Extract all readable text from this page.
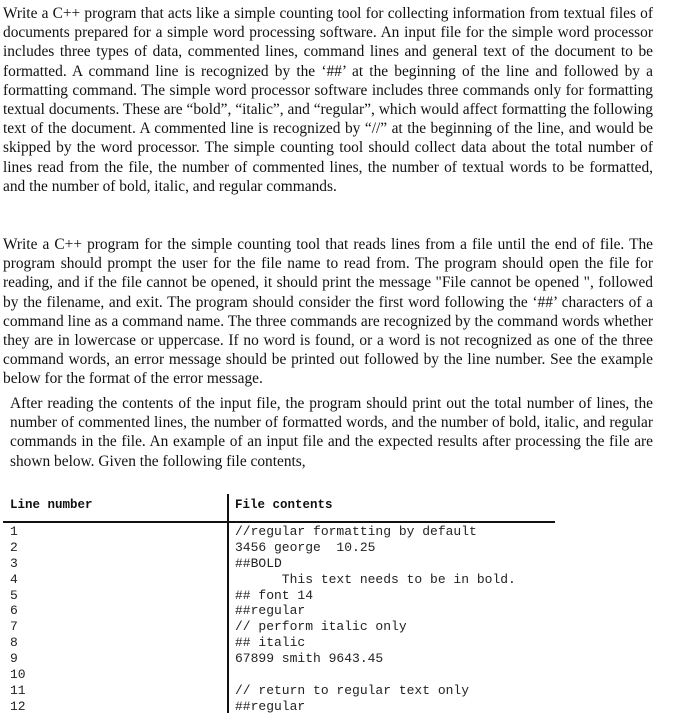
Write a C++ program that acts like a simple counting tool for collecting information from textual files of documents prepared for a simple word processing software. An input file for the simple word processor includes three types of data, commented lines, command lines and general text of the document to be formatted. A command line is recognized by the ‘##’ at the beginning of the line and followed by a formatting command. The simple word processor software includes three commands only for formatting textual documents. These are “bold”, “italic”, and “regular”, which would affect formatting the following text of the document. A commented line is recognized by “//” at the beginning of the line, and would be skipped by the word processor. The simple counting tool should collect data about the total number of lines read from the file, the number of commented lines, the number of textual words to be formatted, and the number of bold, italic, and regular commands.

Write a C++ program for the simple counting tool that reads lines from a file until the end of file. The program should prompt the user for the file name to read from. The program should open the file for reading, and if the file cannot be opened, it should print the message "File cannot be opened ", followed by the filename, and exit. The program should consider the first word following the ‘##’ characters of a command line as a command name. The three commands are recognized by the command words whether they are in lowercase or uppercase. If no word is found, or a word is not recognized as one of the three command words, an error message should be printed out followed by the line number. See the example below for the format of the error message.

After reading the contents of the input file, the program should print out the total number of lines, the number of commented lines, the number of formatted words, and the number of bold, italic, and regular commands in the file. An example of an input file and the expected results after processing the file are shown below. Given the following file contents,

Line number	File contents
1
2
3
4
5
6
7
8
9
10
11
12
//regular formatting by default
3456 george  10.25
##BOLD
This text needs to be in bold.
## font 14
##regular
// perform italic only
## italic
67899 smith 9643.45
// return to regular text only
##regular
